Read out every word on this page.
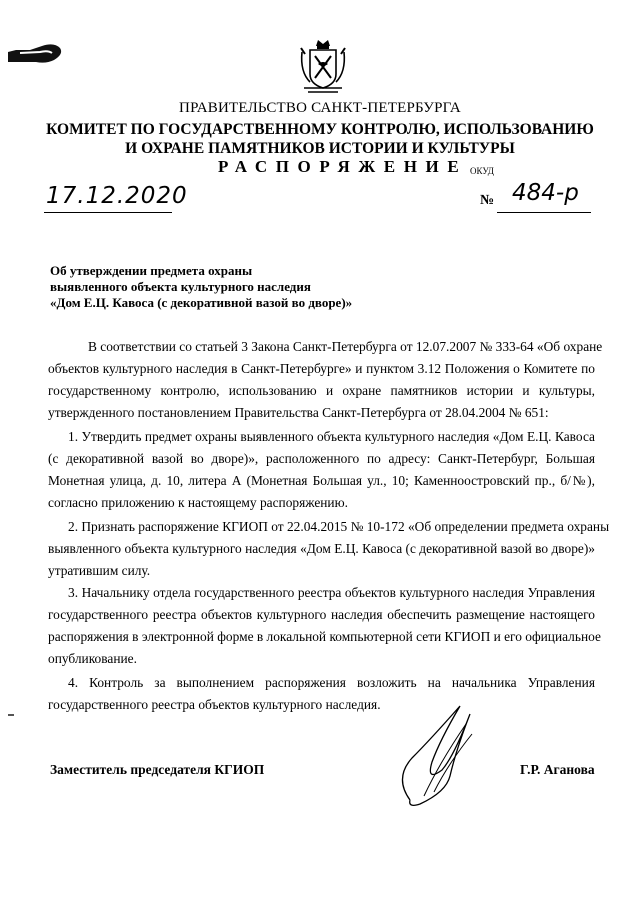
ПРАВИТЕЛЬСТВО САНКТ-ПЕТЕРБУРГА
КОМИТЕТ ПО ГОСУДАРСТВЕННОМУ КОНТРОЛЮ, ИСПОЛЬЗОВАНИЮ
И ОХРАНЕ ПАМЯТНИКОВ ИСТОРИИ И КУЛЬТУРЫ
РАСПОРЯЖЕНИЕ ОКУД
17.12.2020	№ 484-р
Об утверждении предмета охраны
выявленного объекта культурного наследия
«Дом Е.Ц. Кавоса (с декоративной вазой во дворе)»
В соответствии со статьей 3 Закона Санкт-Петербурга от 12.07.2007 № 333-64 «Об охране
объектов культурного наследия в Санкт-Петербурге» и пунктом 3.12 Положения о Комитете по
государственному контролю, использованию и охране памятников истории и культуры,
утвержденного постановлением Правительства Санкт-Петербурга от 28.04.2004 № 651:
1. Утвердить предмет охраны выявленного объекта культурного наследия «Дом Е.Ц. Кавоса
(с декоративной вазой во дворе)», расположенного по адресу: Санкт-Петербург, Большая
Монетная улица, д. 10, литера А (Монетная Большая ул., 10; Каменноостровский пр., б/№),
согласно приложению к настоящему распоряжению.
2. Признать распоряжение КГИОП от 22.04.2015 № 10-172 «Об определении предмета охраны
выявленного объекта культурного наследия «Дом Е.Ц. Кавоса (с декоративной вазой во дворе)»
утратившим силу.
3. Начальнику отдела государственного реестра объектов культурного наследия Управления
государственного реестра объектов культурного наследия обеспечить размещение настоящего
распоряжения в электронной форме в локальной компьютерной сети КГИОП и его официальное
опубликование.
4. Контроль за выполнением распоряжения возложить на начальника Управления
государственного реестра объектов культурного наследия.
Заместитель председателя КГИОП	Г.Р. Аганова
